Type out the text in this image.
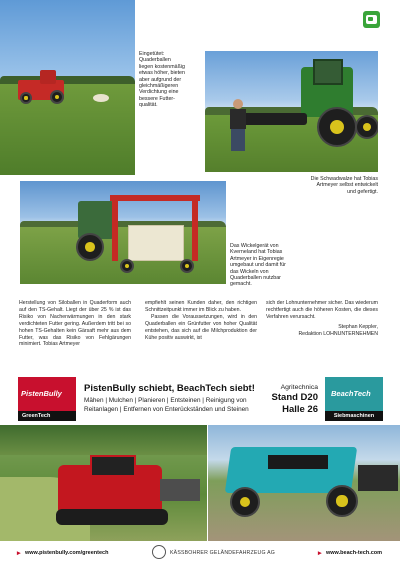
Eingetütet:
Quaderballen
liegen kostenmäßig
etwas höher, bieten
aber aufgrund der
gleichmäßigeren
Verdichtung eine
bessere Futter-
qualität.
Die Schwadwalze hat Tobias
Artmeyer selbst entwickelt
und gefertigt.
Das Wickelgerät von
Kverneland hat Tobias
Artmeyer in Eigenregie
umgebaut und damit für
das Wickeln von
Quaderballen nutzbar
gemacht.
Herstellung von Siloballen in Quaderform auch auf den TS-Gehalt. Liegt der über 25 % ist das Risiko von Nacherwärmungen in den stark verdichteten Futter gering. Außerdem tritt bei so hohen TS-Gehalten kein Gärsaft mehr aus dem Futter, was das Risiko von Fehlgärungen minimiert. Tobias Artmeyer
empfiehlt seinen Kunden daher, den richtigen Schnittzeitpunkt immer im Blick zu haben.
Passen die Voraussetzungen, wird in den Quaderballen ein Grünfutter von hoher Qualität entstehen, das sich auf die Milchproduktion der Kühe positiv auswirkt, ist
sich der Lohnunternehmer sicher. Das wiederum rechtfertigt auch die höheren Kosten, die dieses Verfahren verursacht.
Stephan Keppler,
Redaktion LOHNUNTERNEHMEN
PistenBully
GreenTech
PistenBully schiebt, BeachTech siebt!
Mähen | Mulchen | Planieren | Entsteinen | Reinigung von
Reitanlagen | Entfernen von Enterückständen und Steinen
Agritechnica
Stand D20
Halle 26
BeachTech
Siebmaschinen
▸ www.pistenbully.com/greentech	KÄSSBOHRER GELÄNDEFAHRZEUG AG	▸ www.beach-tech.com
